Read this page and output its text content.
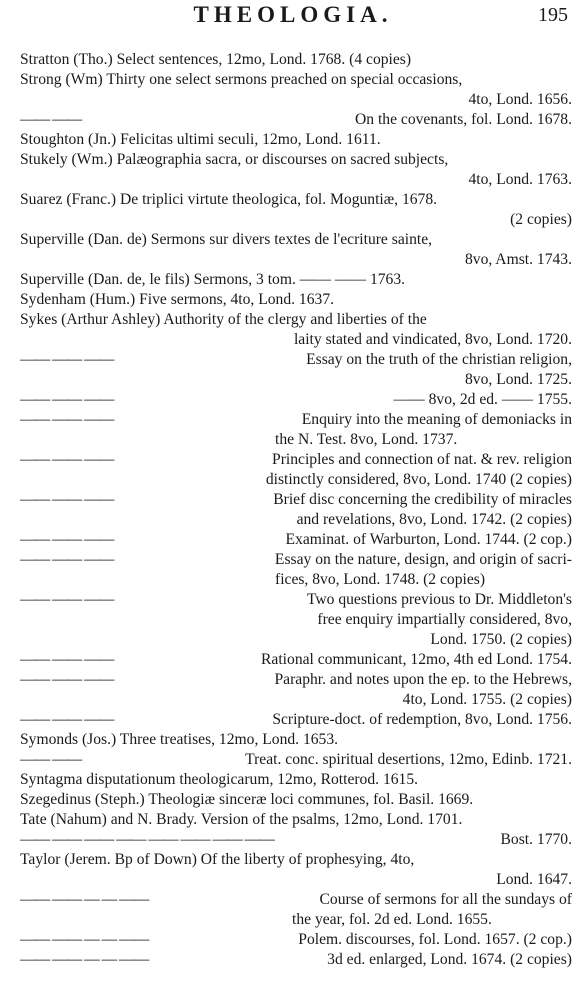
THEOLOGIA.	195
Stratton (Tho.) Select sentences, 12mo, Lond. 1768. (4 copies)
Strong (Wm) Thirty one select sermons preached on special occasions,
4to, Lond. 1656.
—— ——	On the covenants, fol. Lond. 1678.
Stoughton (Jn.) Felicitas ultimi seculi, 12mo, Lond. 1611.
Stukely (Wm.) Palæographia sacra, or discourses on sacred subjects,
4to, Lond. 1763.
Suarez (Franc.) De triplici virtute theologica, fol. Moguntiæ, 1678.
(2 copies)
Superville (Dan. de) Sermons sur divers textes de l'ecriture sainte,
8vo, Amst. 1743.
Superville (Dan. de, le fils) Sermons, 3 tom. —— —— 1763.
Sydenham (Hum.) Five sermons, 4to, Lond. 1637.
Sykes (Arthur Ashley) Authority of the clergy and liberties of the
laity stated and vindicated, 8vo, Lond. 1720.
—— —— ——	Essay on the truth of the christian religion,
8vo, Lond. 1725.
—— —— ——	—— 8vo, 2d ed. —— 1755.
—— —— ——	Enquiry into the meaning of demoniacks in
the N. Test. 8vo, Lond. 1737.
—— —— ——	Principles and connection of nat. & rev. religion
distinctly considered, 8vo, Lond. 1740 (2 copies)
—— —— ——	Brief disc concerning the credibility of miracles
and revelations, 8vo, Lond. 1742. (2 copies)
—— —— ——	Examinat. of Warburton, Lond. 1744. (2 cop.)
—— —— ——	Essay on the nature, design, and origin of sacri-
fices, 8vo, Lond. 1748. (2 copies)
—— —— ——	Two questions previous to Dr. Middleton's
free enquiry impartially considered, 8vo,
Lond. 1750. (2 copies)
—— —— ——	Rational communicant, 12mo, 4th ed Lond. 1754.
—— —— ——	Paraphr. and notes upon the ep. to the Hebrews,
4to, Lond. 1755. (2 copies)
—— —— ——	Scripture-doct. of redemption, 8vo, Lond. 1756.
Symonds (Jos.) Three treatises, 12mo, Lond. 1653.
—— ——	Treat. conc. spiritual desertions, 12mo, Edinb. 1721.
Syntagma disputationum theologicarum, 12mo, Rotterod. 1615.
Szegedinus (Steph.) Theologiæ sinceræ loci communes, fol. Basil. 1669.
Tate (Nahum) and N. Brady. Version of the psalms, 12mo, Lond. 1701.
—— —— —— —— —— —— —— ——	Bost. 1770.
Taylor (Jerem. Bp of Down) Of the liberty of prophesying, 4to,
Lond. 1647.
—— —— — — ——	Course of sermons for all the sundays of
the year, fol. 2d ed. Lond. 1655.
—— —— — — ——	Polem. discourses, fol. Lond. 1657. (2 cop.)
—— —— — — ——	3d ed. enlarged, Lond. 1674. (2 copies)
